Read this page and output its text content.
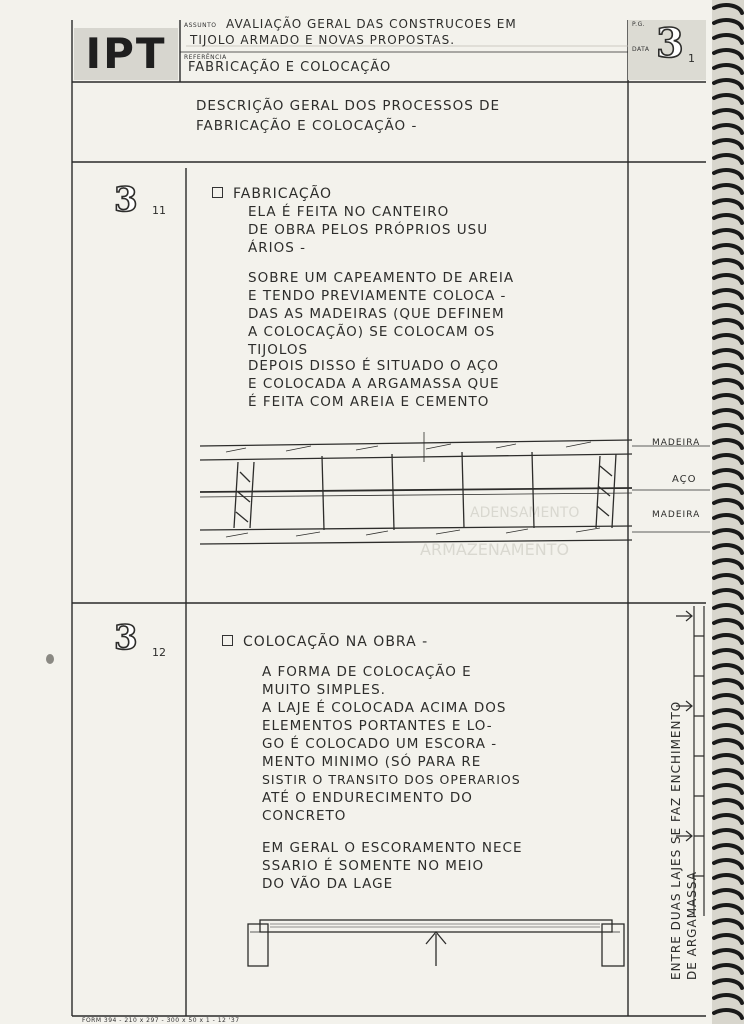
ARMAZENAMENTO
ADENSAMENTO
IPT
ASSUNTO AVALIAÇÃO GERAL DAS CONSTRUCOES EM
TIJOLO ARMADO E NOVAS PROPOSTAS.
REFERÊNCIA
FABRICAÇÃO E COLOCAÇÃO
P.G.
DATA 3 1
DESCRIÇÃO GERAL DOS PROCESSOS DE
FABRICAÇÃO E COLOCAÇÃO -
3 11
FABRICAÇÃO
ELA É FEITA NO CANTEIRO
DE OBRA PELOS PRÓPRIOS USU
ÁRIOS -
SOBRE UM CAPEAMENTO DE AREIA
E TENDO PREVIAMENTE COLOCA -
DAS AS MADEIRAS (QUE DEFINEM
A COLOCAÇÃO) SE COLOCAM OS
TIJOLOS
DEPOIS DISSO É SITUADO O AÇO
E COLOCADA A ARGAMASSA QUE
É FEITA COM AREIA E CEMENTO
MADEIRA
AÇO
MADEIRA
3 12
COLOCAÇÃO NA OBRA -
A FORMA DE COLOCAÇÃO E
MUITO SIMPLES.
A LAJE É COLOCADA ACIMA DOS
ELEMENTOS PORTANTES E LO-
GO É COLOCADO UM ESCORA -
MENTO MINIMO (SÓ PARA RE
SISTIR O TRANSITO DOS OPERARIOS
ATÉ O ENDURECIMENTO DO
CONCRETO
EM GERAL O ESCORAMENTO NECE
SSARIO É SOMENTE NO MEIO
DO VÃO DA LAGE	ENTRE DUAS LAJES SE FAZ ENCHIMENTO DE ARGAMASSA
FORM 394 - 210 x 297 - 300 x 50 x 1 - 12 '37
